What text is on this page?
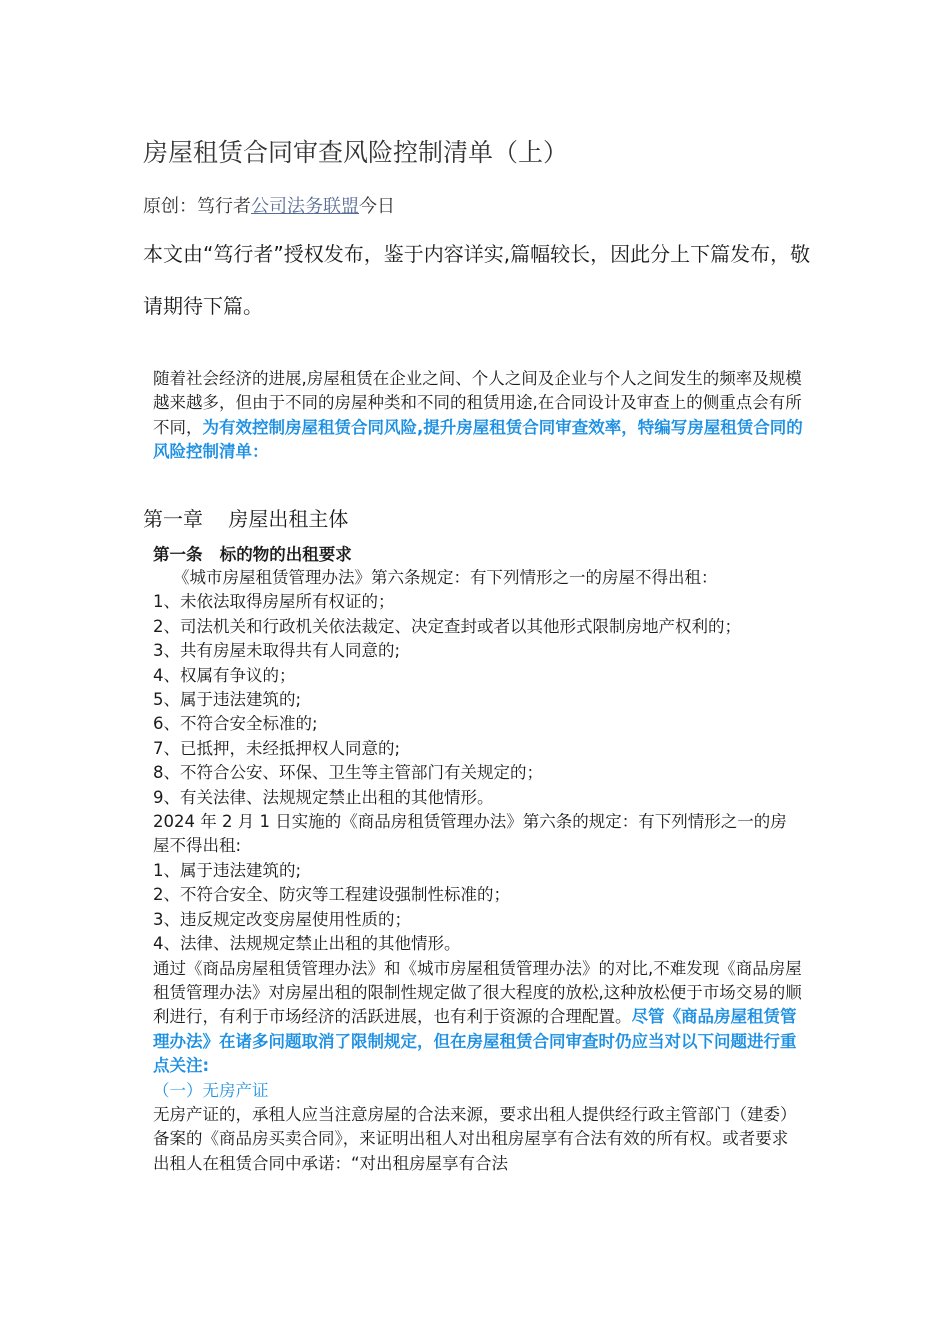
房屋租赁合同审查风险控制清单（上）
原创：笃行者公司法务联盟今日
本文由“笃行者”授权发布，鉴于内容详实,篇幅较长，因此分上下篇发布，敬请期待下篇。
随着社会经济的进展,房屋租赁在企业之间、个人之间及企业与个人之间发生的频率及规模越来越多，但由于不同的房屋种类和不同的租赁用途,在合同设计及审查上的侧重点会有所不同，为有效控制房屋租赁合同风险,提升房屋租赁合同审查效率，特编写房屋租赁合同的风险控制清单：
第一章    房屋出租主体
第一条   标的物的出租要求
《城市房屋租赁管理办法》第六条规定：有下列情形之一的房屋不得出租：
1、未依法取得房屋所有权证的；
2、司法机关和行政机关依法裁定、决定查封或者以其他形式限制房地产权利的；
3、共有房屋未取得共有人同意的;
4、权属有争议的；
5、属于违法建筑的;
6、不符合安全标准的;
7、已抵押，未经抵押权人同意的;
8、不符合公安、环保、卫生等主管部门有关规定的；
9、有关法律、法规规定禁止出租的其他情形。
2024 年 2 月 1 日实施的《商品房租赁管理办法》第六条的规定：有下列情形之一的房屋不得出租:
1、属于违法建筑的;
2、不符合安全、防灾等工程建设强制性标准的；
3、违反规定改变房屋使用性质的；
4、法律、法规规定禁止出租的其他情形。
通过《商品房屋租赁管理办法》和《城市房屋租赁管理办法》的对比,不难发现《商品房屋租赁管理办法》对房屋出租的限制性规定做了很大程度的放松,这种放松便于市场交易的顺利进行，有利于市场经济的活跃进展，也有利于资源的合理配置。尽管《商品房屋租赁管理办法》在诸多问题取消了限制规定，但在房屋租赁合同审查时仍应当对以下问题进行重点关注:
（一）无房产证
无房产证的，承租人应当注意房屋的合法来源，要求出租人提供经行政主管部门（建委）备案的《商品房买卖合同》，来证明出租人对出租房屋享有合法有效的所有权。或者要求出租人在租赁合同中承诺：“对出租房屋享有合法
